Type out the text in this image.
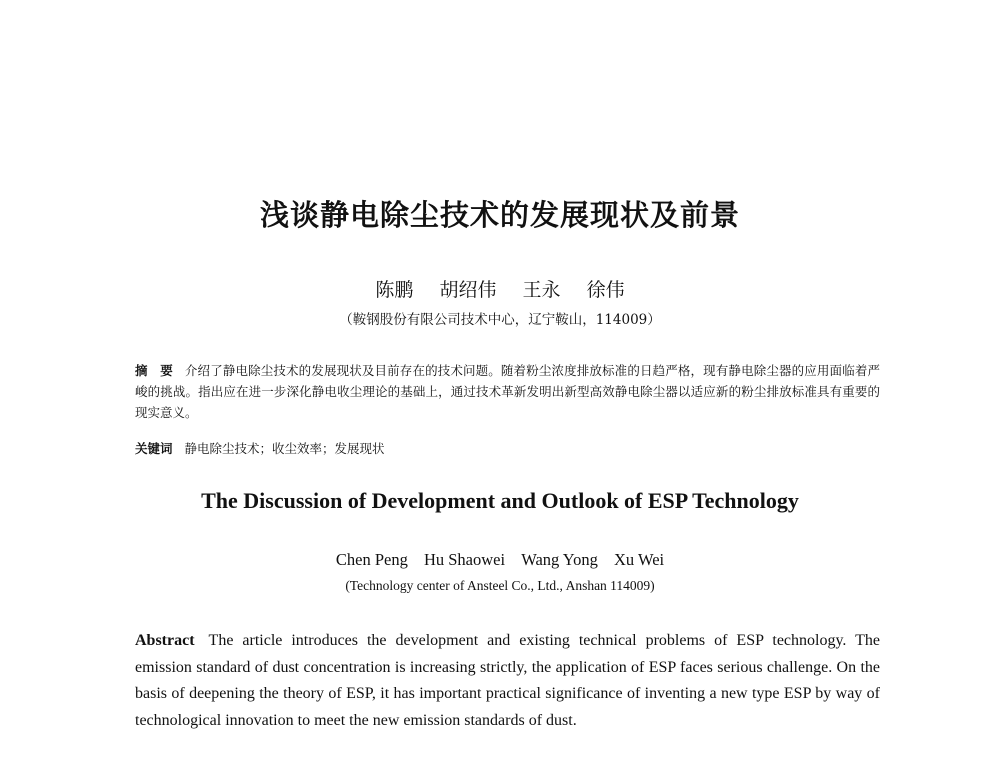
浅谈静电除尘技术的发展现状及前景
陈鹏 胡绍伟 王永 徐伟
（鞍钢股份有限公司技术中心，辽宁鞍山，114009）
摘　要 介绍了静电除尘技术的发展现状及目前存在的技术问题。随着粉尘浓度排放标准的日趋严格，现有静电除尘器的应用面临着严峻的挑战。指出应在进一步深化静电收尘理论的基础上，通过技术革新发明出新型高效静电除尘器以适应新的粉尘排放标准具有重要的现实意义。
关键词 静电除尘技术；收尘效率；发展现状
The Discussion of Development and Outlook of ESP Technology
Chen Peng Hu Shaowei Wang Yong Xu Wei
(Technology center of Ansteel Co., Ltd., Anshan 114009)
Abstract The article introduces the development and existing technical problems of ESP technology. The emission standard of dust concentration is increasing strictly, the application of ESP faces serious challenge. On the basis of deepening the theory of ESP, it has important practical significance of inventing a new type ESP by way of technological innovation to meet the new emission standards of dust.
